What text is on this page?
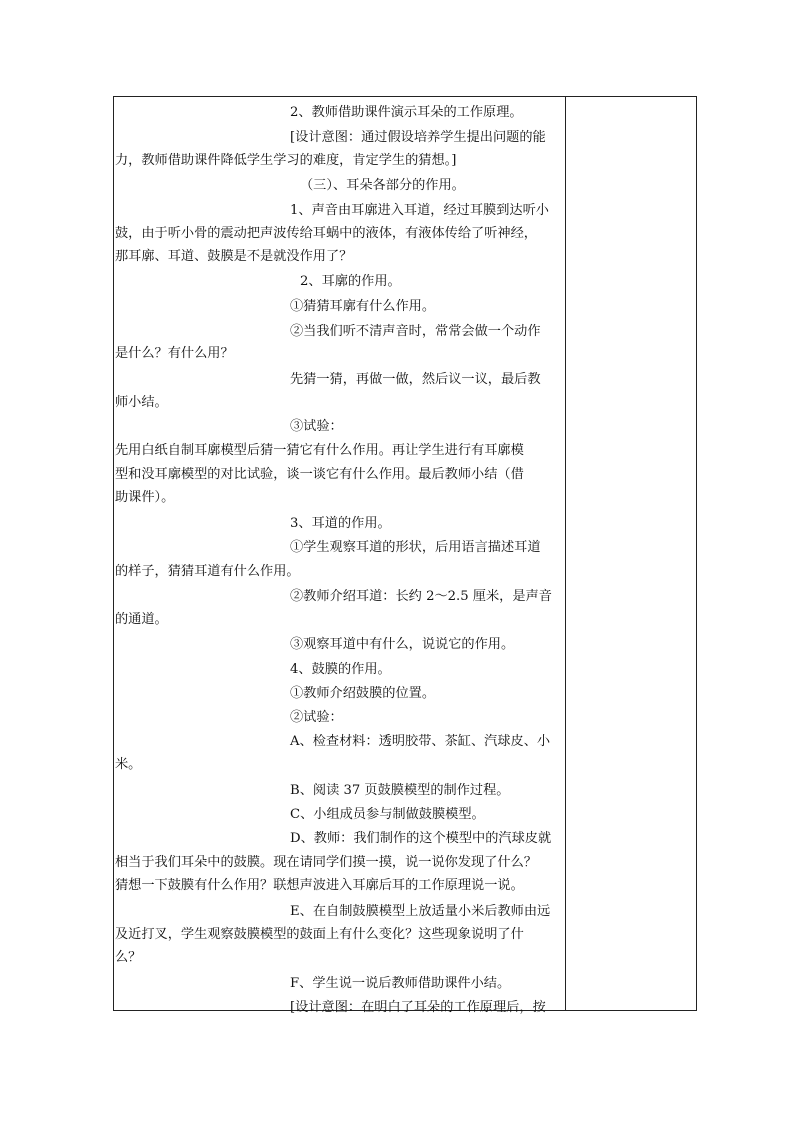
2、教师借助课件演示耳朵的工作原理。
[设计意图：通过假设培养学生提出问题的能
力，教师借助课件降低学生学习的难度，肯定学生的猜想。]
（三）、耳朵各部分的作用。
1、声音由耳廓进入耳道，经过耳膜到达听小
鼓，由于听小骨的震动把声波传给耳蜗中的液体，有液体传给了听神经，
那耳廓、耳道、鼓膜是不是就没作用了？
2、耳廓的作用。
①猜猜耳廓有什么作用。
②当我们听不清声音时，常常会做一个动作
是什么？有什么用？
先猜一猜，再做一做，然后议一议，最后教
师小结。
③试验：
先用白纸自制耳廓模型后猜一猜它有什么作用。再让学生进行有耳廓模
型和没耳廓模型的对比试验，谈一谈它有什么作用。最后教师小结（借
助课件）。
3、耳道的作用。
①学生观察耳道的形状，后用语言描述耳道
的样子，猜猜耳道有什么作用。
②教师介绍耳道：长约 2～2.5 厘米，是声音
的通道。
③观察耳道中有什么，说说它的作用。
4、鼓膜的作用。
①教师介绍鼓膜的位置。
②试验：
A、检查材料：透明胶带、茶缸、汽球皮、小
米。
B、阅读 37 页鼓膜模型的制作过程。
C、小组成员参与制做鼓膜模型。
D、教师：我们制作的这个模型中的汽球皮就
相当于我们耳朵中的鼓膜。现在请同学们摸一摸，说一说你发现了什么？
猜想一下鼓膜有什么作用？联想声波进入耳廓后耳的工作原理说一说。
E、在自制鼓膜模型上放适量小米后教师由远
及近打叉，学生观察鼓膜模型的鼓面上有什么变化？这些现象说明了什
么？
F、学生说一说后教师借助课件小结。
[设计意图：在明白了耳朵的工作原理后，按
